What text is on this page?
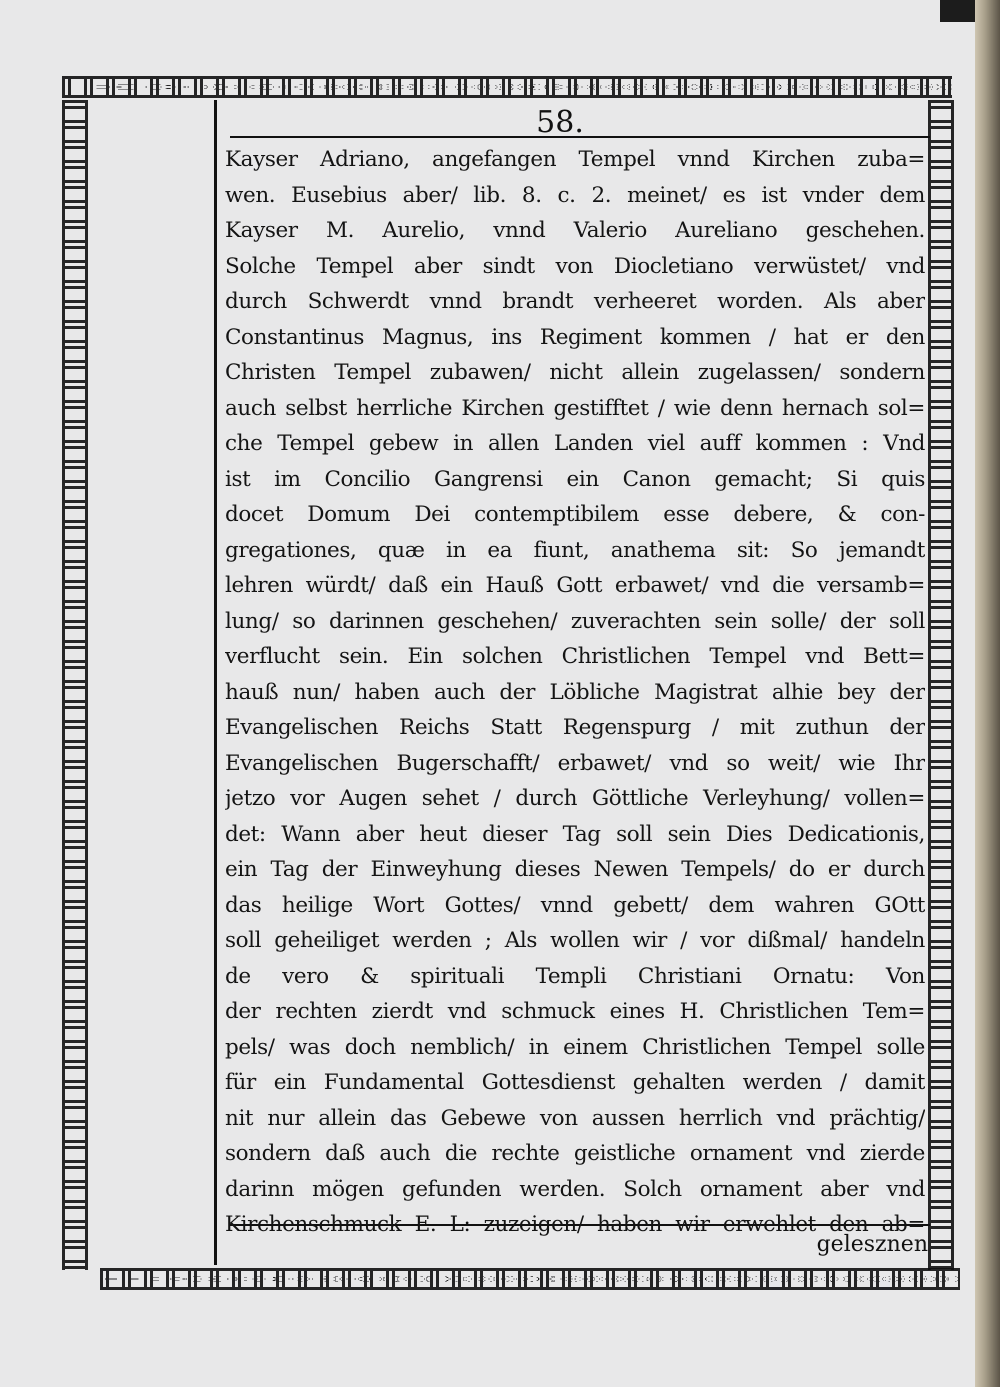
58.
Kayser Adriano, angefangen Tempel vnnd Kirchen zuba=
wen. Eusebius aber/ lib. 8. c. 2. meinet/ es ist vnder dem
Kayser M. Aurelio, vnnd Valerio Aureliano geschehen.
Solche Tempel aber sindt von Diocletiano verwüstet/ vnd
durch Schwerdt vnnd brandt verheeret worden. Als aber
Constantinus Magnus, ins Regiment kommen / hat er den
Christen Tempel zubawen/ nicht allein zugelassen/ sondern
auch selbst herrliche Kirchen gestifftet / wie denn hernach sol=
che Tempel gebew in allen Landen viel auff kommen : Vnd
ist im Concilio Gangrensi ein Canon gemacht; Si quis
docet Domum Dei contemptibilem esse debere, & con-
gregationes, quæ in ea fiunt, anathema sit: So jemandt
lehren würdt/ daß ein Hauß Gott erbawet/ vnd die versamb=
lung/ so darinnen geschehen/ zuverachten sein solle/ der soll
verflucht sein. Ein solchen Christlichen Tempel vnd Bett=
hauß nun/ haben auch der Löbliche Magistrat alhie bey der
Evangelischen Reichs Statt Regenspurg / mit zuthun der
Evangelischen Bugerschafft/ erbawet/ vnd so weit/ wie Ihr
jetzo vor Augen sehet / durch Göttliche Verleyhung/ vollen=
det: Wann aber heut dieser Tag soll sein Dies Dedicationis,
ein Tag der Einweyhung dieses Newen Tempels/ do er durch
das heilige Wort Gottes/ vnnd gebett/ dem wahren GOtt
soll geheiliget werden ; Als wollen wir / vor dißmal/ handeln
de vero & spirituali Templi Christiani Ornatu: Von
der rechten zierdt vnd schmuck eines H. Christlichen Tem=
pels/ was doch nemblich/ in einem Christlichen Tempel solle
für ein Fundamental Gottesdienst gehalten werden / damit
nit nur allein das Gebewe von aussen herrlich vnd prächtig/
sondern daß auch die rechte geistliche ornament vnd zierde
darinn mögen gefunden werden. Solch ornament aber vnd
Kirchenschmuck E. L: zuzeigen/ haben wir erwehlet den ab=
gelesznen
